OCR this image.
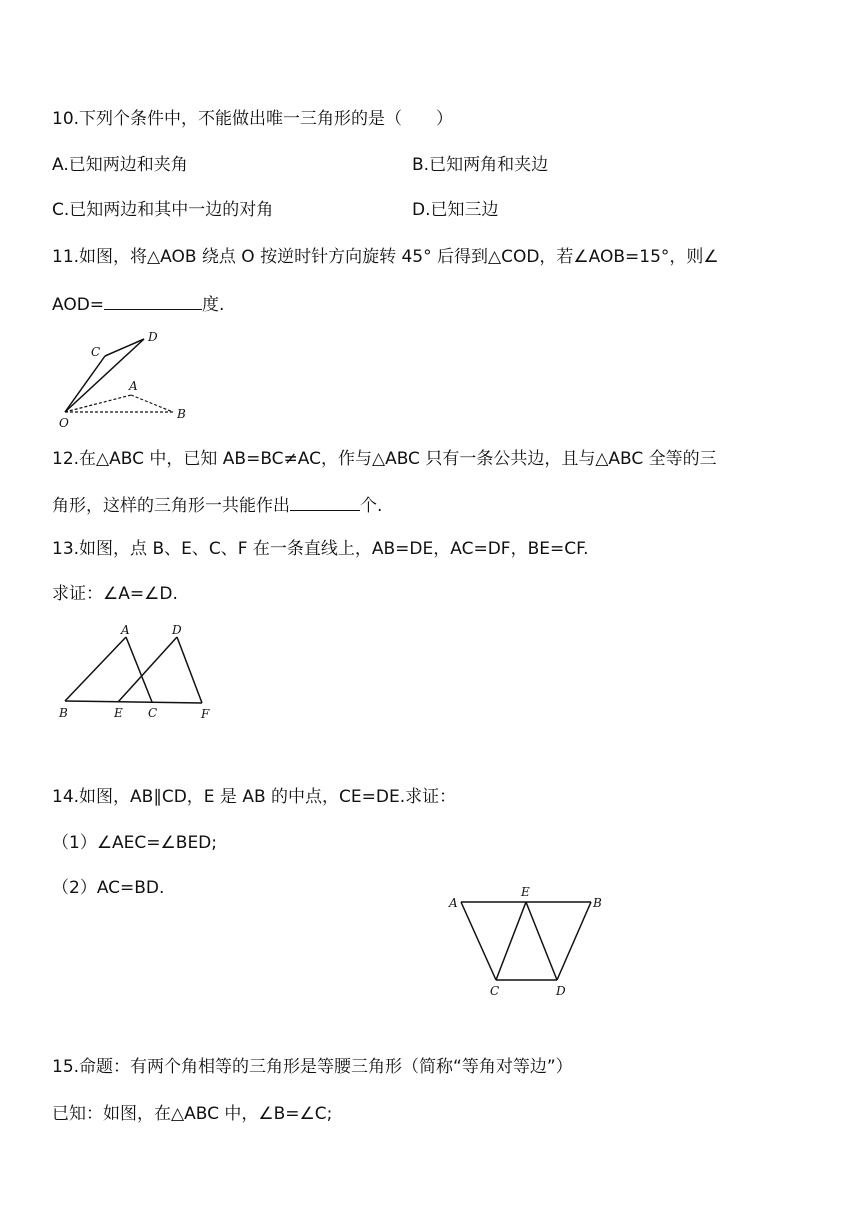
10.下列个条件中，不能做出唯一三角形的是（　　）
A.已知两边和夹角	B.已知两角和夹边
C.已知两边和其中一边的对角	D.已知三边
11.如图，将△AOB 绕点 O 按逆时针方向旋转 45° 后得到△COD，若∠AOB=15°，则∠
AOD=	度.
O
C
D
A
B
12.在△ABC 中，已知 AB=BC≠AC，作与△ABC 只有一条公共边，且与△ABC 全等的三
角形，这样的三角形一共能作出	个.
13.如图，点 B、E、C、F 在一条直线上，AB=DE，AC=DF，BE=CF.
求证：∠A=∠D.
A	D
B	E C	F
14.如图，AB∥CD，E 是 AB 的中点，CE=DE.求证：
（1）∠AEC=∠BED;
（2）AC=BD.
A
E
B
C	D
15.命题：有两个角相等的三角形是等腰三角形（简称“等角对等边”）
已知：如图，在△ABC 中，∠B=∠C;
